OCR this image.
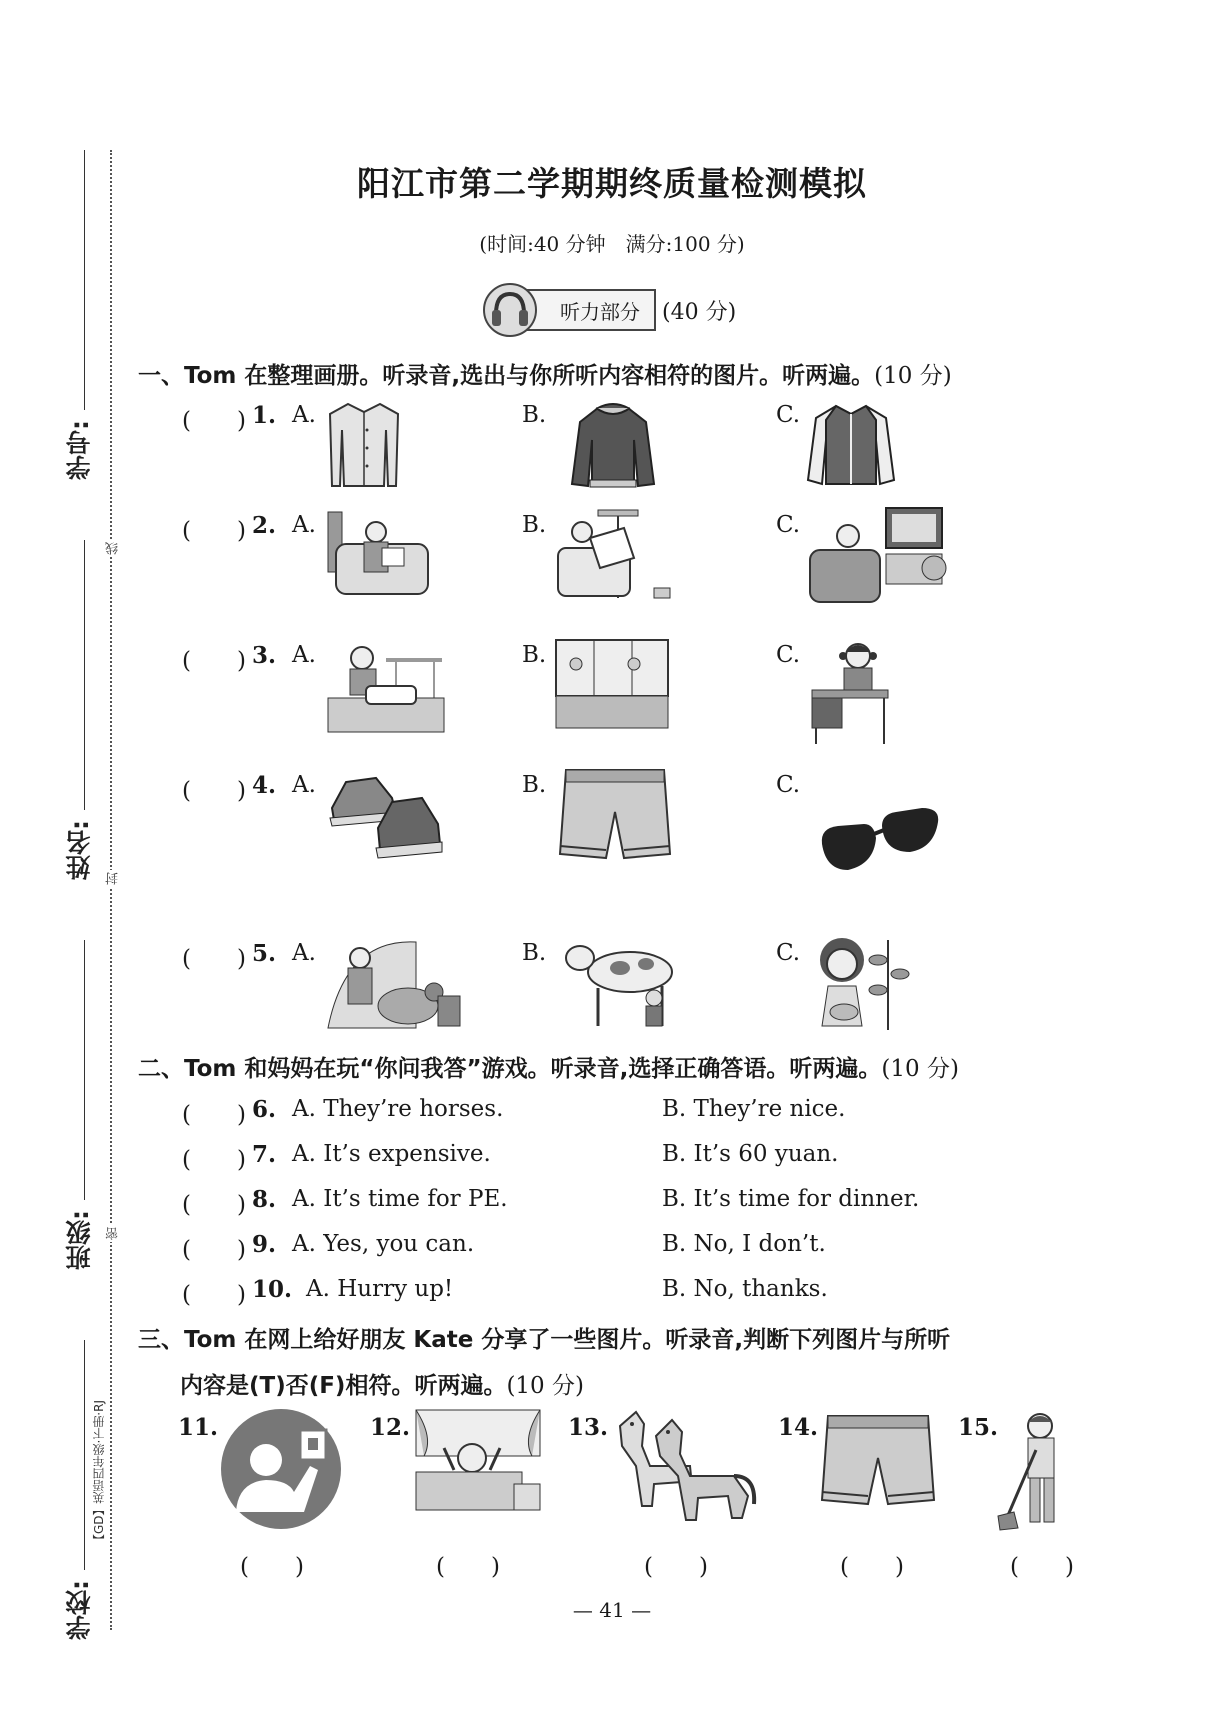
学号:
姓名:
班级:
学校:
【GD】英语四年级·下册·RJ
线
封
密
阳江市第二学期期终质量检测模拟
(时间:40 分钟　满分:100 分)
听力部分 (40 分)
一、Tom 在整理画册。听录音,选出与你所听内容相符的图片。听两遍。(10 分)
(　　) 1. A.	B.	C.
(　　) 2. A.	B.	C.
(　　) 3. A.	B.	C.
(　　) 4. A.	B.	C.
(　　) 5. A.	B.	C.
二、Tom 和妈妈在玩“你问我答”游戏。听录音,选择正确答语。听两遍。(10 分)
(　　) 6. A. They’re horses.	B. They’re nice.
(　　) 7. A. It’s expensive.	B. It’s 60 yuan.
(　　) 8. A. It’s time for PE.	B. It’s time for dinner.
(　　) 9. A. Yes, you can.	B. No, I don’t.
(　　) 10. A. Hurry up!	B. No, thanks.
三、Tom 在网上给好朋友 Kate 分享了一些图片。听录音,判断下列图片与所听
内容是(T)否(F)相符。听两遍。(10 分)
11.
(　　)
12.
(　　)
13.
(　　)
14.
(　　)
15.
(　　)
— 41 —
